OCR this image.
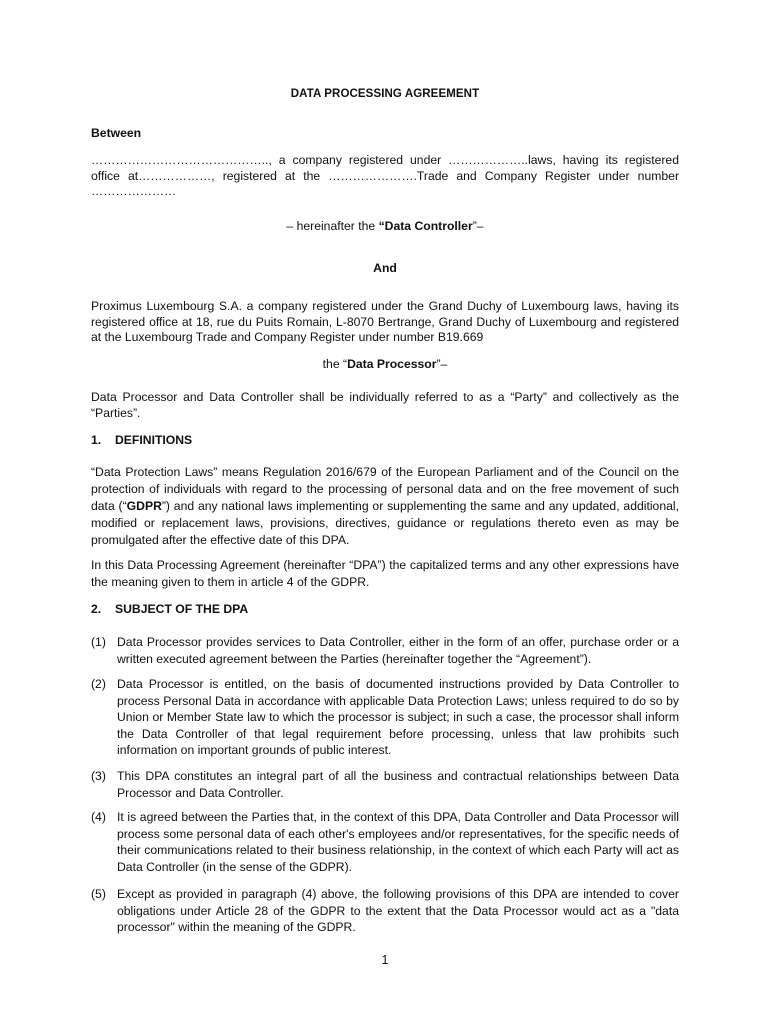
DATA PROCESSING AGREEMENT
Between
…………………………………….., a company registered under ………………..laws, having its registered office at………………, registered at the ………………….Trade and Company Register under number …………………
– hereinafter the “Data Controller”–
And
Proximus Luxembourg S.A. a company registered under the Grand Duchy of Luxembourg laws, having its registered office at 18, rue du Puits Romain, L-8070 Bertrange, Grand Duchy of Luxembourg and registered at the Luxembourg Trade and Company Register under number B19.669
the “Data Processor”–
Data Processor and Data Controller shall be individually referred to as a “Party” and collectively as the “Parties”.
1. DEFINITIONS
“Data Protection Laws” means Regulation 2016/679 of the European Parliament and of the Council on the protection of individuals with regard to the processing of personal data and on the free movement of such data (“GDPR”) and any national laws implementing or supplementing the same and any updated, additional, modified or replacement laws, provisions, directives, guidance or regulations thereto even as may be promulgated after the effective date of this DPA.
In this Data Processing Agreement (hereinafter “DPA”) the capitalized terms and any other expressions have the meaning given to them in article 4 of the GDPR.
2. SUBJECT OF THE DPA
(1) Data Processor provides services to Data Controller, either in the form of an offer, purchase order or a written executed agreement between the Parties (hereinafter together the “Agreement”).
(2) Data Processor is entitled, on the basis of documented instructions provided by Data Controller to process Personal Data in accordance with applicable Data Protection Laws; unless required to do so by Union or Member State law to which the processor is subject; in such a case, the processor shall inform the Data Controller of that legal requirement before processing, unless that law prohibits such information on important grounds of public interest.
(3) This DPA constitutes an integral part of all the business and contractual relationships between Data Processor and Data Controller.
(4) It is agreed between the Parties that, in the context of this DPA, Data Controller and Data Processor will process some personal data of each other's employees and/or representatives, for the specific needs of their communications related to their business relationship, in the context of which each Party will act as Data Controller (in the sense of the GDPR).
(5) Except as provided in paragraph (4) above, the following provisions of this DPA are intended to cover obligations under Article 28 of the GDPR to the extent that the Data Processor would act as a "data processor" within the meaning of the GDPR.
1
